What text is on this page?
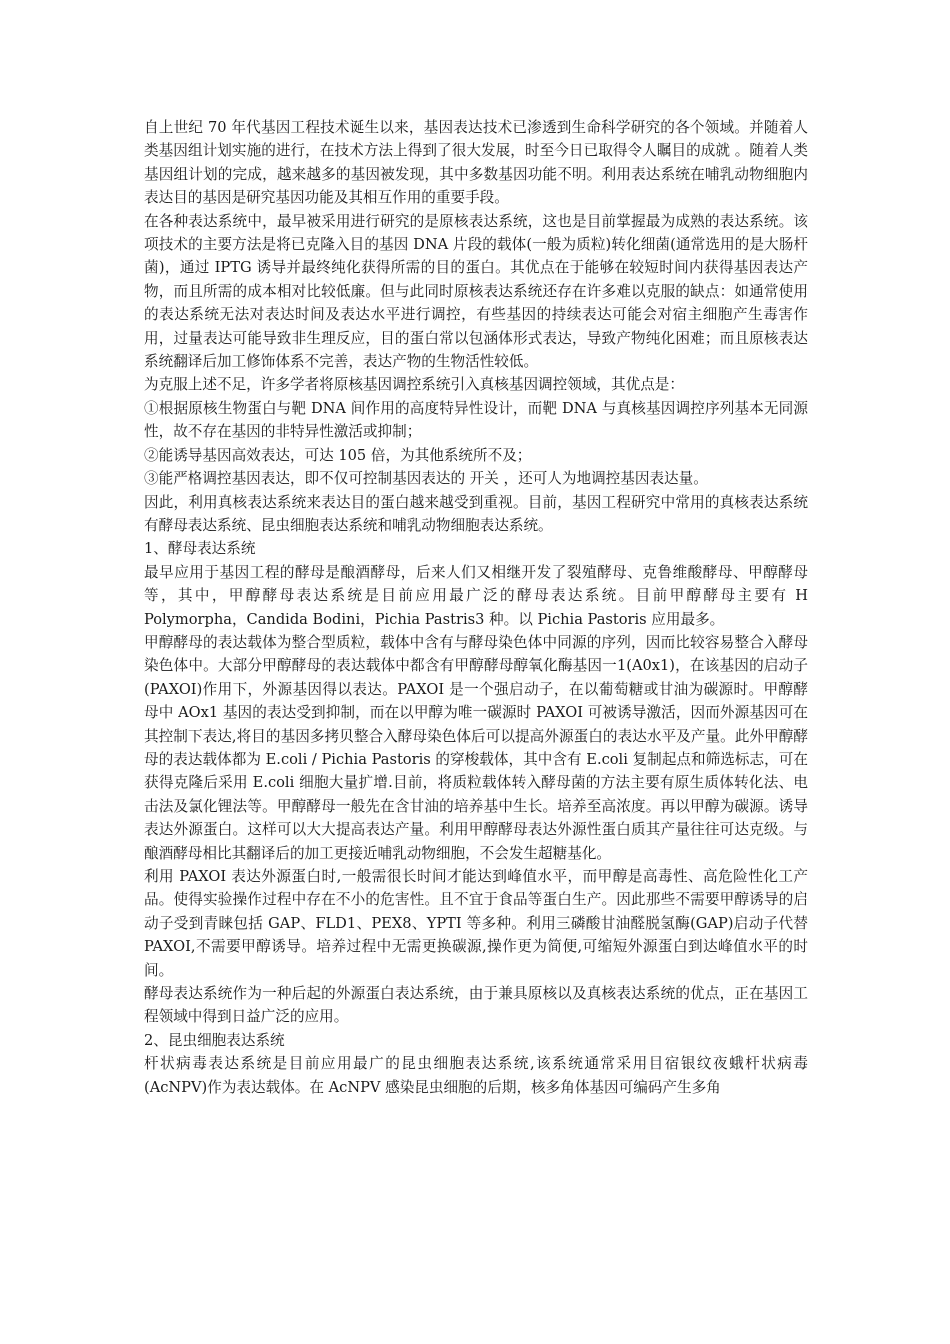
自上世纪 70 年代基因工程技术诞生以来，基因表达技术已渗透到生命科学研究的各个领域。并随着人类基因组计划实施的进行，在技术方法上得到了很大发展，时至今日已取得令人瞩目的成就 。随着人类基因组计划的完成，越来越多的基因被发现，其中多数基因功能不明。利用表达系统在哺乳动物细胞内表达目的基因是研究基因功能及其相互作用的重要手段。

在各种表达系统中，最早被采用进行研究的是原核表达系统，这也是目前掌握最为成熟的表达系统。该项技术的主要方法是将已克隆入目的基因 DNA 片段的载体(一般为质粒)转化细菌(通常选用的是大肠杆菌)，通过 IPTG 诱导并最终纯化获得所需的目的蛋白。其优点在于能够在较短时间内获得基因表达产物，而且所需的成本相对比较低廉。但与此同时原核表达系统还存在许多难以克服的缺点：如通常使用的表达系统无法对表达时间及表达水平进行调控，有些基因的持续表达可能会对宿主细胞产生毒害作用，过量表达可能导致非生理反应，目的蛋白常以包涵体形式表达，导致产物纯化困难；而且原核表达系统翻译后加工修饰体系不完善，表达产物的生物活性较低。

为克服上述不足，许多学者将原核基因调控系统引入真核基因调控领域，其优点是：

①根据原核生物蛋白与靶 DNA 间作用的高度特异性设计，而靶 DNA 与真核基因调控序列基本无同源性，故不存在基因的非特异性激活或抑制；

②能诱导基因高效表达，可达 105 倍，为其他系统所不及；

③能严格调控基因表达，即不仅可控制基因表达的 开关 ，还可人为地调控基因表达量。

因此，利用真核表达系统来表达目的蛋白越来越受到重视。目前，基因工程研究中常用的真核表达系统有酵母表达系统、昆虫细胞表达系统和哺乳动物细胞表达系统。

1、酵母表达系统

最早应用于基因工程的酵母是酿酒酵母，后来人们又相继开发了裂殖酵母、克鲁维酸酵母、甲醇酵母等，其中，甲醇酵母表达系统是目前应用最广泛的酵母表达系统。目前甲醇酵母主要有 H Polymorpha，Candida Bodini，Pichia Pastris3 种。以 Pichia Pastoris 应用最多。

甲醇酵母的表达载体为整合型质粒，载体中含有与酵母染色体中同源的序列，因而比较容易整合入酵母染色体中。大部分甲醇酵母的表达载体中都含有甲醇酵母醇氧化酶基因一1(A0x1)，在该基因的启动子(PAXOI)作用下，外源基因得以表达。PAXOI 是一个强启动子，在以葡萄糖或甘油为碳源时。甲醇酵母中 AOx1 基因的表达受到抑制，而在以甲醇为唯一碳源时 PAXOI 可被诱导激活，因而外源基因可在其控制下表达,将目的基因多拷贝整合入酵母染色体后可以提高外源蛋白的表达水平及产量。此外甲醇酵母的表达载体都为 E.coli / Pichia Pastoris 的穿梭载体，其中含有 E.coli 复制起点和筛选标志，可在获得克隆后采用 E.coli 细胞大量扩增.目前，将质粒载体转入酵母菌的方法主要有原生质体转化法、电击法及氯化锂法等。甲醇酵母一般先在含甘油的培养基中生长。培养至高浓度。再以甲醇为碳源。诱导表达外源蛋白。这样可以大大提高表达产量。利用甲醇酵母表达外源性蛋白质其产量往往可达克级。与酿酒酵母相比其翻译后的加工更接近哺乳动物细胞，不会发生超糖基化。

利用 PAXOI 表达外源蛋白时,一般需很长时间才能达到峰值水平，而甲醇是高毒性、高危险性化工产品。使得实验操作过程中存在不小的危害性。且不宜于食品等蛋白生产。因此那些不需要甲醇诱导的启动子受到青睐包括 GAP、FLD1、PEX8、YPTI 等多种。利用三磷酸甘油醛脱氢酶(GAP)启动子代替 PAXOI,不需要甲醇诱导。培养过程中无需更换碳源,操作更为简便,可缩短外源蛋白到达峰值水平的时间。

酵母表达系统作为一种后起的外源蛋白表达系统，由于兼具原核以及真核表达系统的优点，正在基因工程领域中得到日益广泛的应用。

2、昆虫细胞表达系统

杆状病毒表达系统是目前应用最广的昆虫细胞表达系统,该系统通常采用目宿银纹夜蛾杆状病毒(AcNPV)作为表达载体。在 AcNPV 感染昆虫细胞的后期，核多角体基因可编码产生多角
